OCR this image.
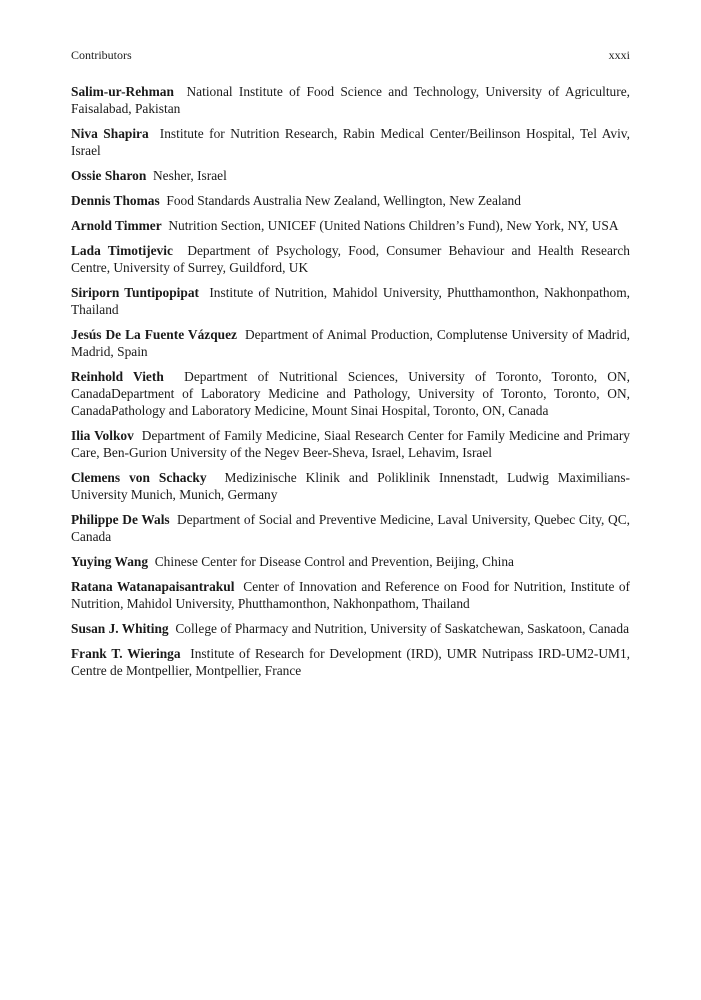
Contributors	xxxi

Salim-ur-Rehman National Institute of Food Science and Technology, University of Agriculture, Faisalabad, Pakistan

Niva Shapira Institute for Nutrition Research, Rabin Medical Center/Beilinson Hospital, Tel Aviv, Israel

Ossie Sharon Nesher, Israel

Dennis Thomas Food Standards Australia New Zealand, Wellington, New Zealand

Arnold Timmer Nutrition Section, UNICEF (United Nations Children’s Fund), New York, NY, USA

Lada Timotijevic Department of Psychology, Food, Consumer Behaviour and Health Research Centre, University of Surrey, Guildford, UK

Siriporn Tuntipopipat Institute of Nutrition, Mahidol University, Phutthamonthon, Nakhonpathom, Thailand

Jesús De La Fuente Vázquez Department of Animal Production, Complutense University of Madrid, Madrid, Spain

Reinhold Vieth Department of Nutritional Sciences, University of Toronto, Toronto, ON, CanadaDepartment of Laboratory Medicine and Pathology, University of Toronto, Toronto, ON, CanadaPathology and Laboratory Medicine, Mount Sinai Hospital, Toronto, ON, Canada

Ilia Volkov Department of Family Medicine, Siaal Research Center for Family Medicine and Primary Care, Ben-Gurion University of the Negev Beer-Sheva, Israel, Lehavim, Israel

Clemens von Schacky Medizinische Klinik and Poliklinik Innenstadt, Ludwig Maximilians-University Munich, Munich, Germany

Philippe De Wals Department of Social and Preventive Medicine, Laval University, Quebec City, QC, Canada

Yuying Wang Chinese Center for Disease Control and Prevention, Beijing, China

Ratana Watanapaisantrakul Center of Innovation and Reference on Food for Nutrition, Institute of Nutrition, Mahidol University, Phutthamonthon, Nakhonpathom, Thailand

Susan J. Whiting College of Pharmacy and Nutrition, University of Saskatchewan, Saskatoon, Canada

Frank T. Wieringa Institute of Research for Development (IRD), UMR Nutripass IRD-UM2-UM1, Centre de Montpellier, Montpellier, France
